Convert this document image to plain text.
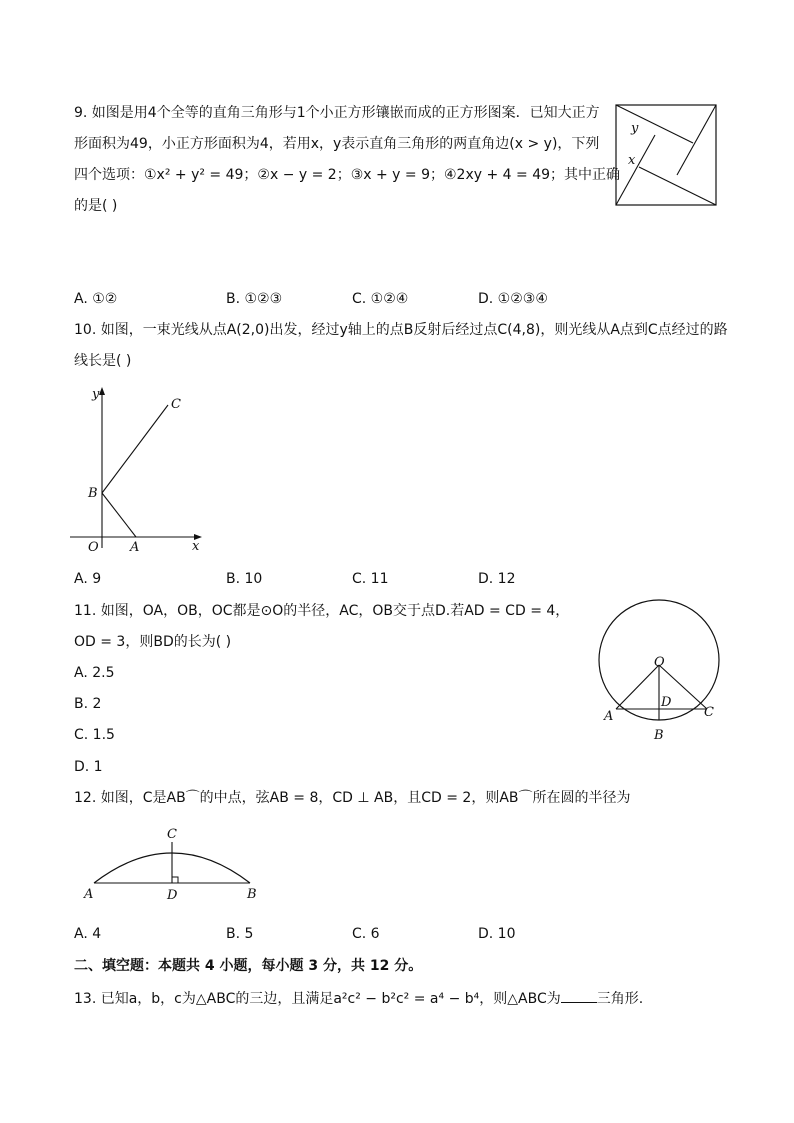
9. 如图是用4个全等的直角三角形与1个小正方形镶嵌而成的正方形图案．已知大正方
形面积为49，小正方形面积为4，若用x，y表示直角三角形的两直角边(x > y)，下列
四个选项：①x² + y² = 49；②x − y = 2；③x + y = 9；④2xy + 4 = 49；其中正确
的是( )
y
x
A. ①②	B. ①②③	C. ①②④	D. ①②③④
10. 如图，一束光线从点A(2,0)出发，经过y轴上的点B反射后经过点C(4,8)，则光线从A点到C点经过的路
线长是( )
y
x
O A
B
C
A. 9	B. 10	C. 11	D. 12
11. 如图，OA，OB，OC都是⊙O的半径，AC，OB交于点D.若AD = CD = 4，
OD = 3，则BD的长为( )
O
A	C
D
B
A. 2.5
B. 2
C. 1.5
D. 1
12. 如图，C是AB⌒的中点，弦AB = 8，CD ⊥ AB，且CD = 2，则AB⌒所在圆的半径为
A	B
C
D
A. 4	B. 5	C. 6	D. 10
二、填空题：本题共 4 小题，每小题 3 分，共 12 分。
13. 已知a，b，c为△ABC的三边，且满足a²c² − b²c² = a⁴ − b⁴，则△ABC为	三角形.
